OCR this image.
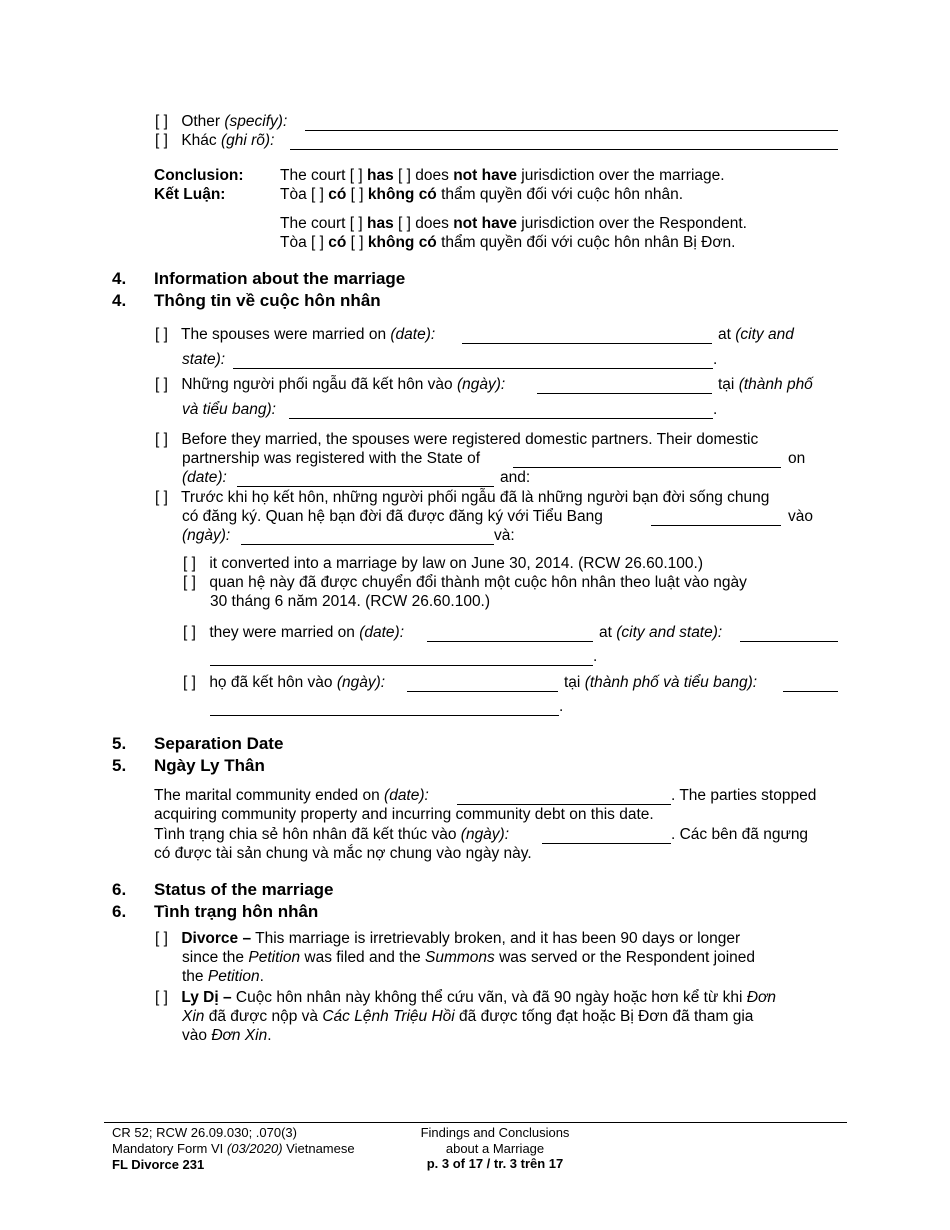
[ ] Other (specify):
[ ] Khác (ghi rõ):
Conclusion:
Kết Luận:
The court [ ] has [ ] does not have jurisdiction over the marriage.
Tòa [ ] có [ ] không có thẩm quyền đối với cuộc hôn nhân.
The court [ ] has [ ] does not have jurisdiction over the Respondent.
Tòa [ ] có [ ] không có thẩm quyền đối với cuộc hôn nhân Bị Đơn.
4. Information about the marriage
4. Thông tin về cuộc hôn nhân
[ ] The spouses were married on (date):	at (city and
state):	.
[ ] Những người phối ngẫu đã kết hôn vào (ngày):	tại (thành phố
và tiểu bang):	.
[ ] Before they married, the spouses were registered domestic partners. Their domestic
partnership was registered with the State of	on
(date):	and:
[ ] Trước khi họ kết hôn, những người phối ngẫu đã là những người bạn đời sống chung
có đăng ký. Quan hệ bạn đời đã được đăng ký với Tiểu Bang	vào
(ngày):	và:
[ ] it converted into a marriage by law on June 30, 2014. (RCW 26.60.100.)
[ ] quan hệ này đã được chuyển đổi thành một cuộc hôn nhân theo luật vào ngày
30 tháng 6 năm 2014. (RCW 26.60.100.)
[ ] they were married on (date):	at (city and state):
.
[ ] họ đã kết hôn vào (ngày):	tại (thành phố và tiểu bang):
.
5. Separation Date
5. Ngày Ly Thân
The marital community ended on (date):	. The parties stopped
acquiring community property and incurring community debt on this date.
Tình trạng chia sẻ hôn nhân đã kết thúc vào (ngày):	. Các bên đã ngưng
có được tài sản chung và mắc nợ chung vào ngày này.
6. Status of the marriage
6. Tình trạng hôn nhân
[ ] Divorce – This marriage is irretrievably broken, and it has been 90 days or longer
since the Petition was filed and the Summons was served or the Respondent joined
the Petition.
[ ] Ly Dị – Cuộc hôn nhân này không thể cứu vãn, và đã 90 ngày hoặc hơn kể từ khi Đơn
Xin đã được nộp và Các Lệnh Triệu Hồi đã được tống đạt hoặc Bị Đơn đã tham gia
vào Đơn Xin.
CR 52; RCW 26.09.030; .070(3)
Mandatory Form VI (03/2020) Vietnamese
FL Divorce 231
Findings and Conclusions
about a Marriage
p. 3 of 17 / tr. 3 trên 17
